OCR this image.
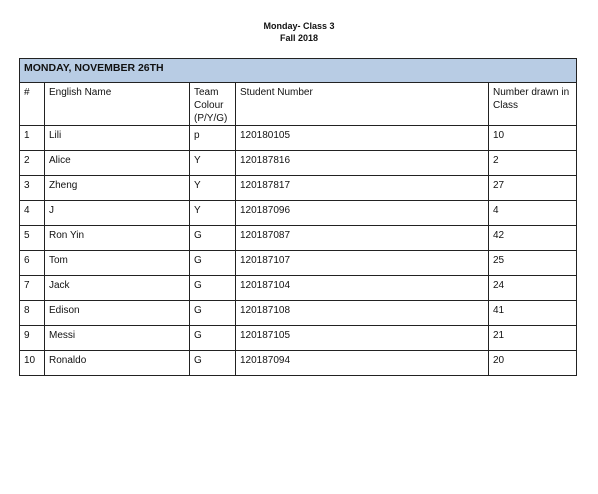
Monday- Class 3
Fall 2018
MONDAY, NOVEMBER 26TH				
#	English Name	Team Colour (P/Y/G)	Student Number	Number drawn in Class
1	Lili	p	120180105	10
2	Alice	Y	120187816	2
3	Zheng	Y	120187817	27
4	J	Y	120187096	4
5	Ron Yin	G	120187087	42
6	Tom	G	120187107	25
7	Jack	G	120187104	24
8	Edison	G	120187108	41
9	Messi	G	120187105	21
10	Ronaldo	G	120187094	20
